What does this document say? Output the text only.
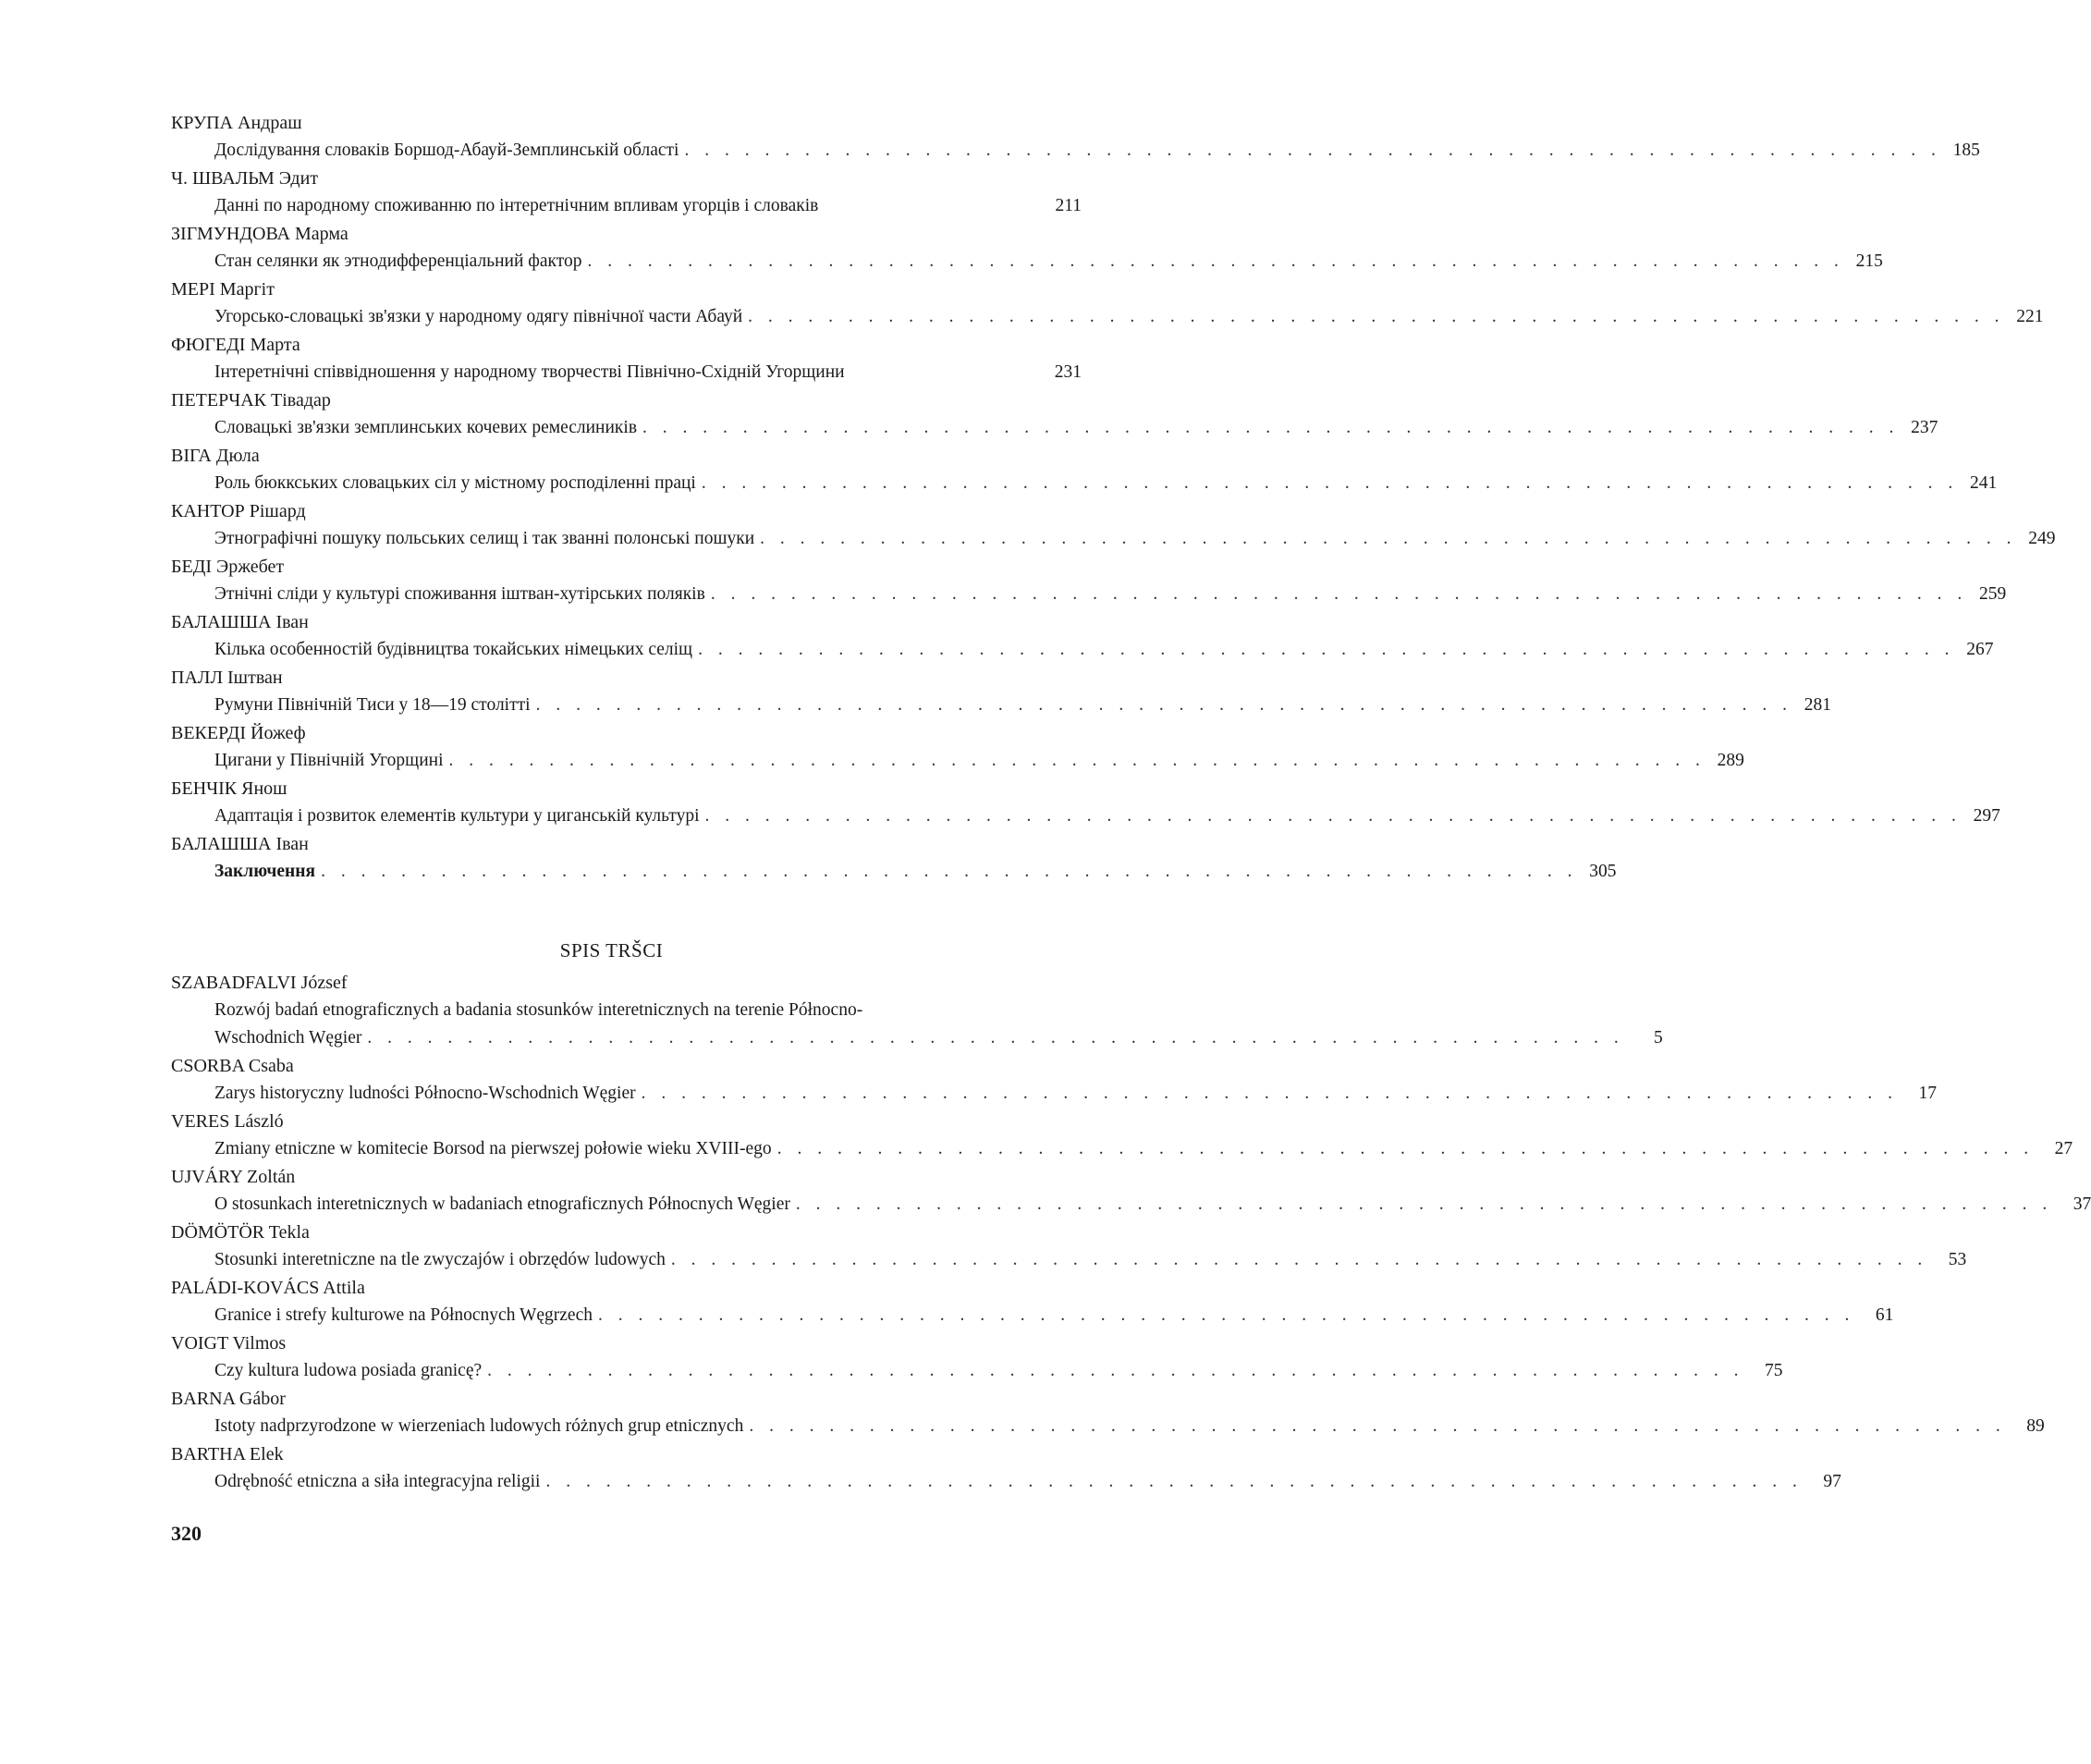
КРУПА Андраш
Дослідування словаків Боршод-Абауй-Земплинській області . . . . . . . . . . . . . . . . . . . . . . . . . . . . . . . . . . . . . . . . . . . . . . . . . . . . . . . . . . . . . . . 185
Ч. ШВАЛЬМ Эдит
Данні по народному споживанню по інтеретнічним впливам угорців і словаків	211
ЗІГМУНДОВА Марма
Стан селянки як этнодифференціальний фактор . . . . . . . . . . . . . . . . . . . . . . . . . . . . . . . . . . . . . . . . . . . . . . . . . . . . . . . . . . . . . . . 215
МЕРІ Маргіт
Угорсько-словацькі зв'язки у народному одягу північної части Абауй . . . . . . . . . . . . . . . . . . . . . . . . . . . . . . . . . . . . . . . . . . . . . . . . . . . . . . . . . . . . . . . 221
ФЮГЕДІ Марта
Інтеретнічні співвідношення у народному творчестві Північно-Східній Угорщини	231
ПЕТЕРЧАК Тівадар
Словацькі зв'язки земплинських кочевих ремеслиників . . . . . . . . . . . . . . . . . . . . . . . . . . . . . . . . . . . . . . . . . . . . . . . . . . . . . . . . . . . . . . . 237
ВІГА Дюла
Роль бюккських словацьких сіл у містному росподіленні праці . . . . . . . . . . . . . . . . . . . . . . . . . . . . . . . . . . . . . . . . . . . . . . . . . . . . . . . . . . . . . . . 241
КАНТОР Рішард
Этнографічні пошуку польських селищ і так званні полонські пошуки . . . . . . . . . . . . . . . . . . . . . . . . . . . . . . . . . . . . . . . . . . . . . . . . . . . . . . . . . . . . . . . 249
БЕДІ Эржебет
Этнічні сліди у культурі споживання іштван-хутірських поляків . . . . . . . . . . . . . . . . . . . . . . . . . . . . . . . . . . . . . . . . . . . . . . . . . . . . . . . . . . . . . . . 259
БАЛАШША Іван
Кілька особенностій будівництва токайських німецьких селіщ . . . . . . . . . . . . . . . . . . . . . . . . . . . . . . . . . . . . . . . . . . . . . . . . . . . . . . . . . . . . . . . 267
ПАЛЛ Іштван
Румуни Північній Тиси у 18—19 столітті . . . . . . . . . . . . . . . . . . . . . . . . . . . . . . . . . . . . . . . . . . . . . . . . . . . . . . . . . . . . . . . 281
ВЕКЕРДІ Йожеф
Цигани у Північній Угорщині . . . . . . . . . . . . . . . . . . . . . . . . . . . . . . . . . . . . . . . . . . . . . . . . . . . . . . . . . . . . . . . 289
БЕНЧІК Янош
Адаптація і розвиток елементів культури у циганській культурі . . . . . . . . . . . . . . . . . . . . . . . . . . . . . . . . . . . . . . . . . . . . . . . . . . . . . . . . . . . . . . . 297
БАЛАШША Іван
Заключення . . . . . . . . . . . . . . . . . . . . . . . . . . . . . . . . . . . . . . . . . . . . . . . . . . . . . . . . . . . . . . . 305
SPIS TRŠCI
SZABADFALVI József
Rozwój badań etnograficznych a badania stosunków interetnicznych na terenie Północno-
Wschodnich Węgier . . . . . . . . . . . . . . . . . . . . . . . . . . . . . . . . . . . . . . . . . . . . . . . . . . . . . . . . . . . . . . .	5
CSORBA Csaba
Zarys historyczny ludności Północno-Wschodnich Węgier . . . . . . . . . . . . . . . . . . . . . . . . . . . . . . . . . . . . . . . . . . . . . . . . . . . . . . . . . . . . . . .	17
VERES László
Zmiany etniczne w komitecie Borsod na pierwszej połowie wieku XVIII-ego . . . . . . . . . . . . . . . . . . . . . . . . . . . . . . . . . . . . . . . . . . . . . . . . . . . . . . . . . . . . . . .	27
UJVÁRY Zoltán
O stosunkach interetnicznych w badaniach etnograficznych Północnych Węgier . . . . . . . . . . . . . . . . . . . . . . . . . . . . . . . . . . . . . . . . . . . . . . . . . . . . . . . . . . . . . . .	37
DÖMÖTÖR Tekla
Stosunki interetniczne na tle zwyczajów i obrzędów ludowych . . . . . . . . . . . . . . . . . . . . . . . . . . . . . . . . . . . . . . . . . . . . . . . . . . . . . . . . . . . . . . .	53
PALÁDI-KOVÁCS Attila
Granice i strefy kulturowe na Północnych Węgrzech . . . . . . . . . . . . . . . . . . . . . . . . . . . . . . . . . . . . . . . . . . . . . . . . . . . . . . . . . . . . . . .	61
VOIGT Vilmos
Czy kultura ludowa posiada granicę? . . . . . . . . . . . . . . . . . . . . . . . . . . . . . . . . . . . . . . . . . . . . . . . . . . . . . . . . . . . . . . .	75
BARNA Gábor
Istoty nadprzyrodzone w wierzeniach ludowych różnych grup etnicznych . . . . . . . . . . . . . . . . . . . . . . . . . . . . . . . . . . . . . . . . . . . . . . . . . . . . . . . . . . . . . . .	89
BARTHA Elek
Odrębność etniczna a siła integracyjna religii . . . . . . . . . . . . . . . . . . . . . . . . . . . . . . . . . . . . . . . . . . . . . . . . . . . . . . . . . . . . . . .	97
320
